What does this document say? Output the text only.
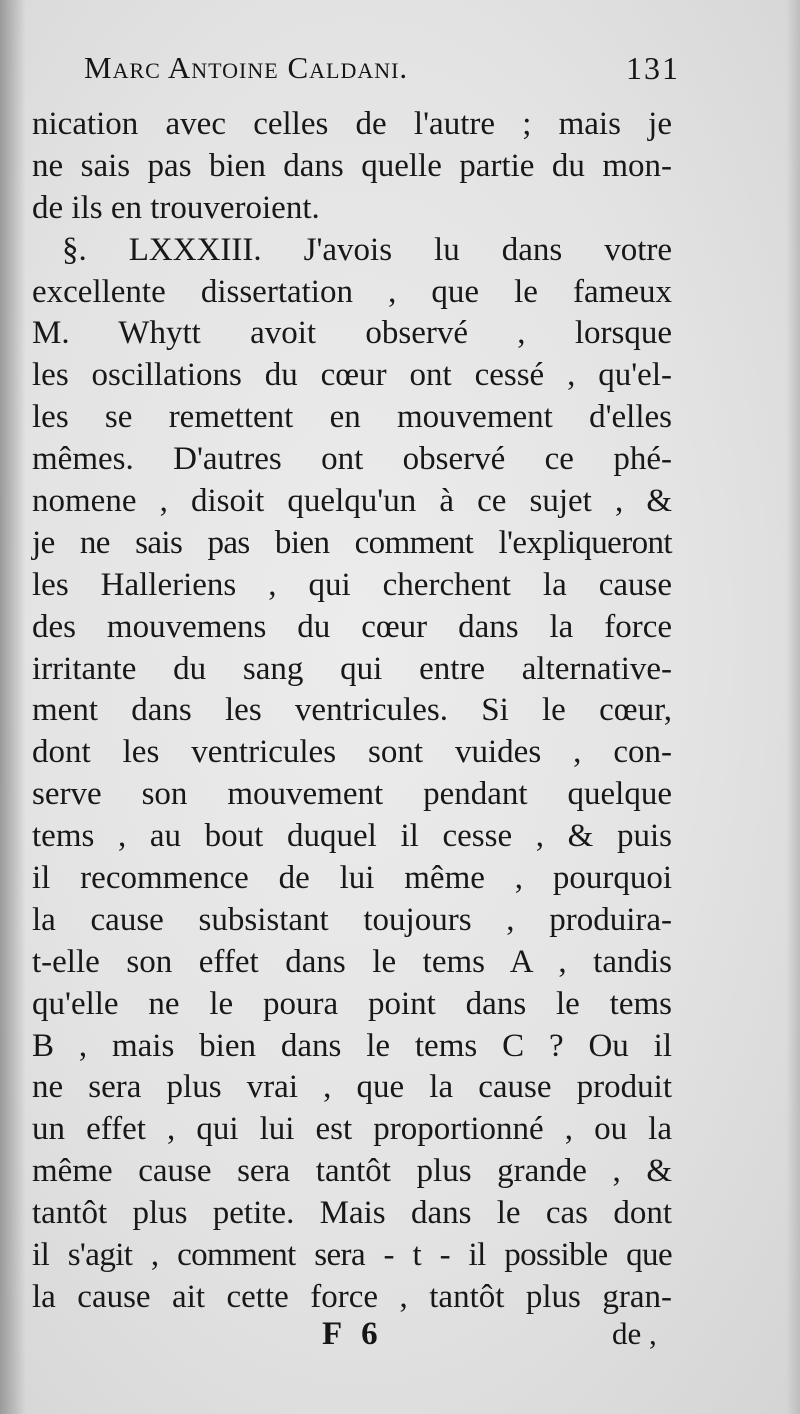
Marc Antoine Caldani.	131
nication avec celles de l'autre ; mais je
ne sais pas bien dans quelle partie du mon-
de ils en trouveroient.
§. LXXXIII. J'avois lu dans votre
excellente dissertation , que le fameux
M. Whytt avoit observé , lorsque
les oscillations du cœur ont cessé , qu'el-
les se remettent en mouvement d'elles
mêmes. D'autres ont observé ce phé-
nomene , disoit quelqu'un à ce sujet , &
je ne sais pas bien comment l'expliqueront
les Halleriens , qui cherchent la cause
des mouvemens du cœur dans la force
irritante du sang qui entre alternative-
ment dans les ventricules. Si le cœur,
dont les ventricules sont vuides , con-
serve son mouvement pendant quelque
tems , au bout duquel il cesse , & puis
il recommence de lui même , pourquoi
la cause subsistant toujours , produira-
t-elle son effet dans le tems A , tandis
qu'elle ne le poura point dans le tems
B , mais bien dans le tems C ? Ou il
ne sera plus vrai , que la cause produit
un effet , qui lui est proportionné , ou la
même cause sera tantôt plus grande , &
tantôt plus petite. Mais dans le cas dont
il s'agit , comment sera - t - il possible que
la cause ait cette force , tantôt plus gran-
F 6	de ,
